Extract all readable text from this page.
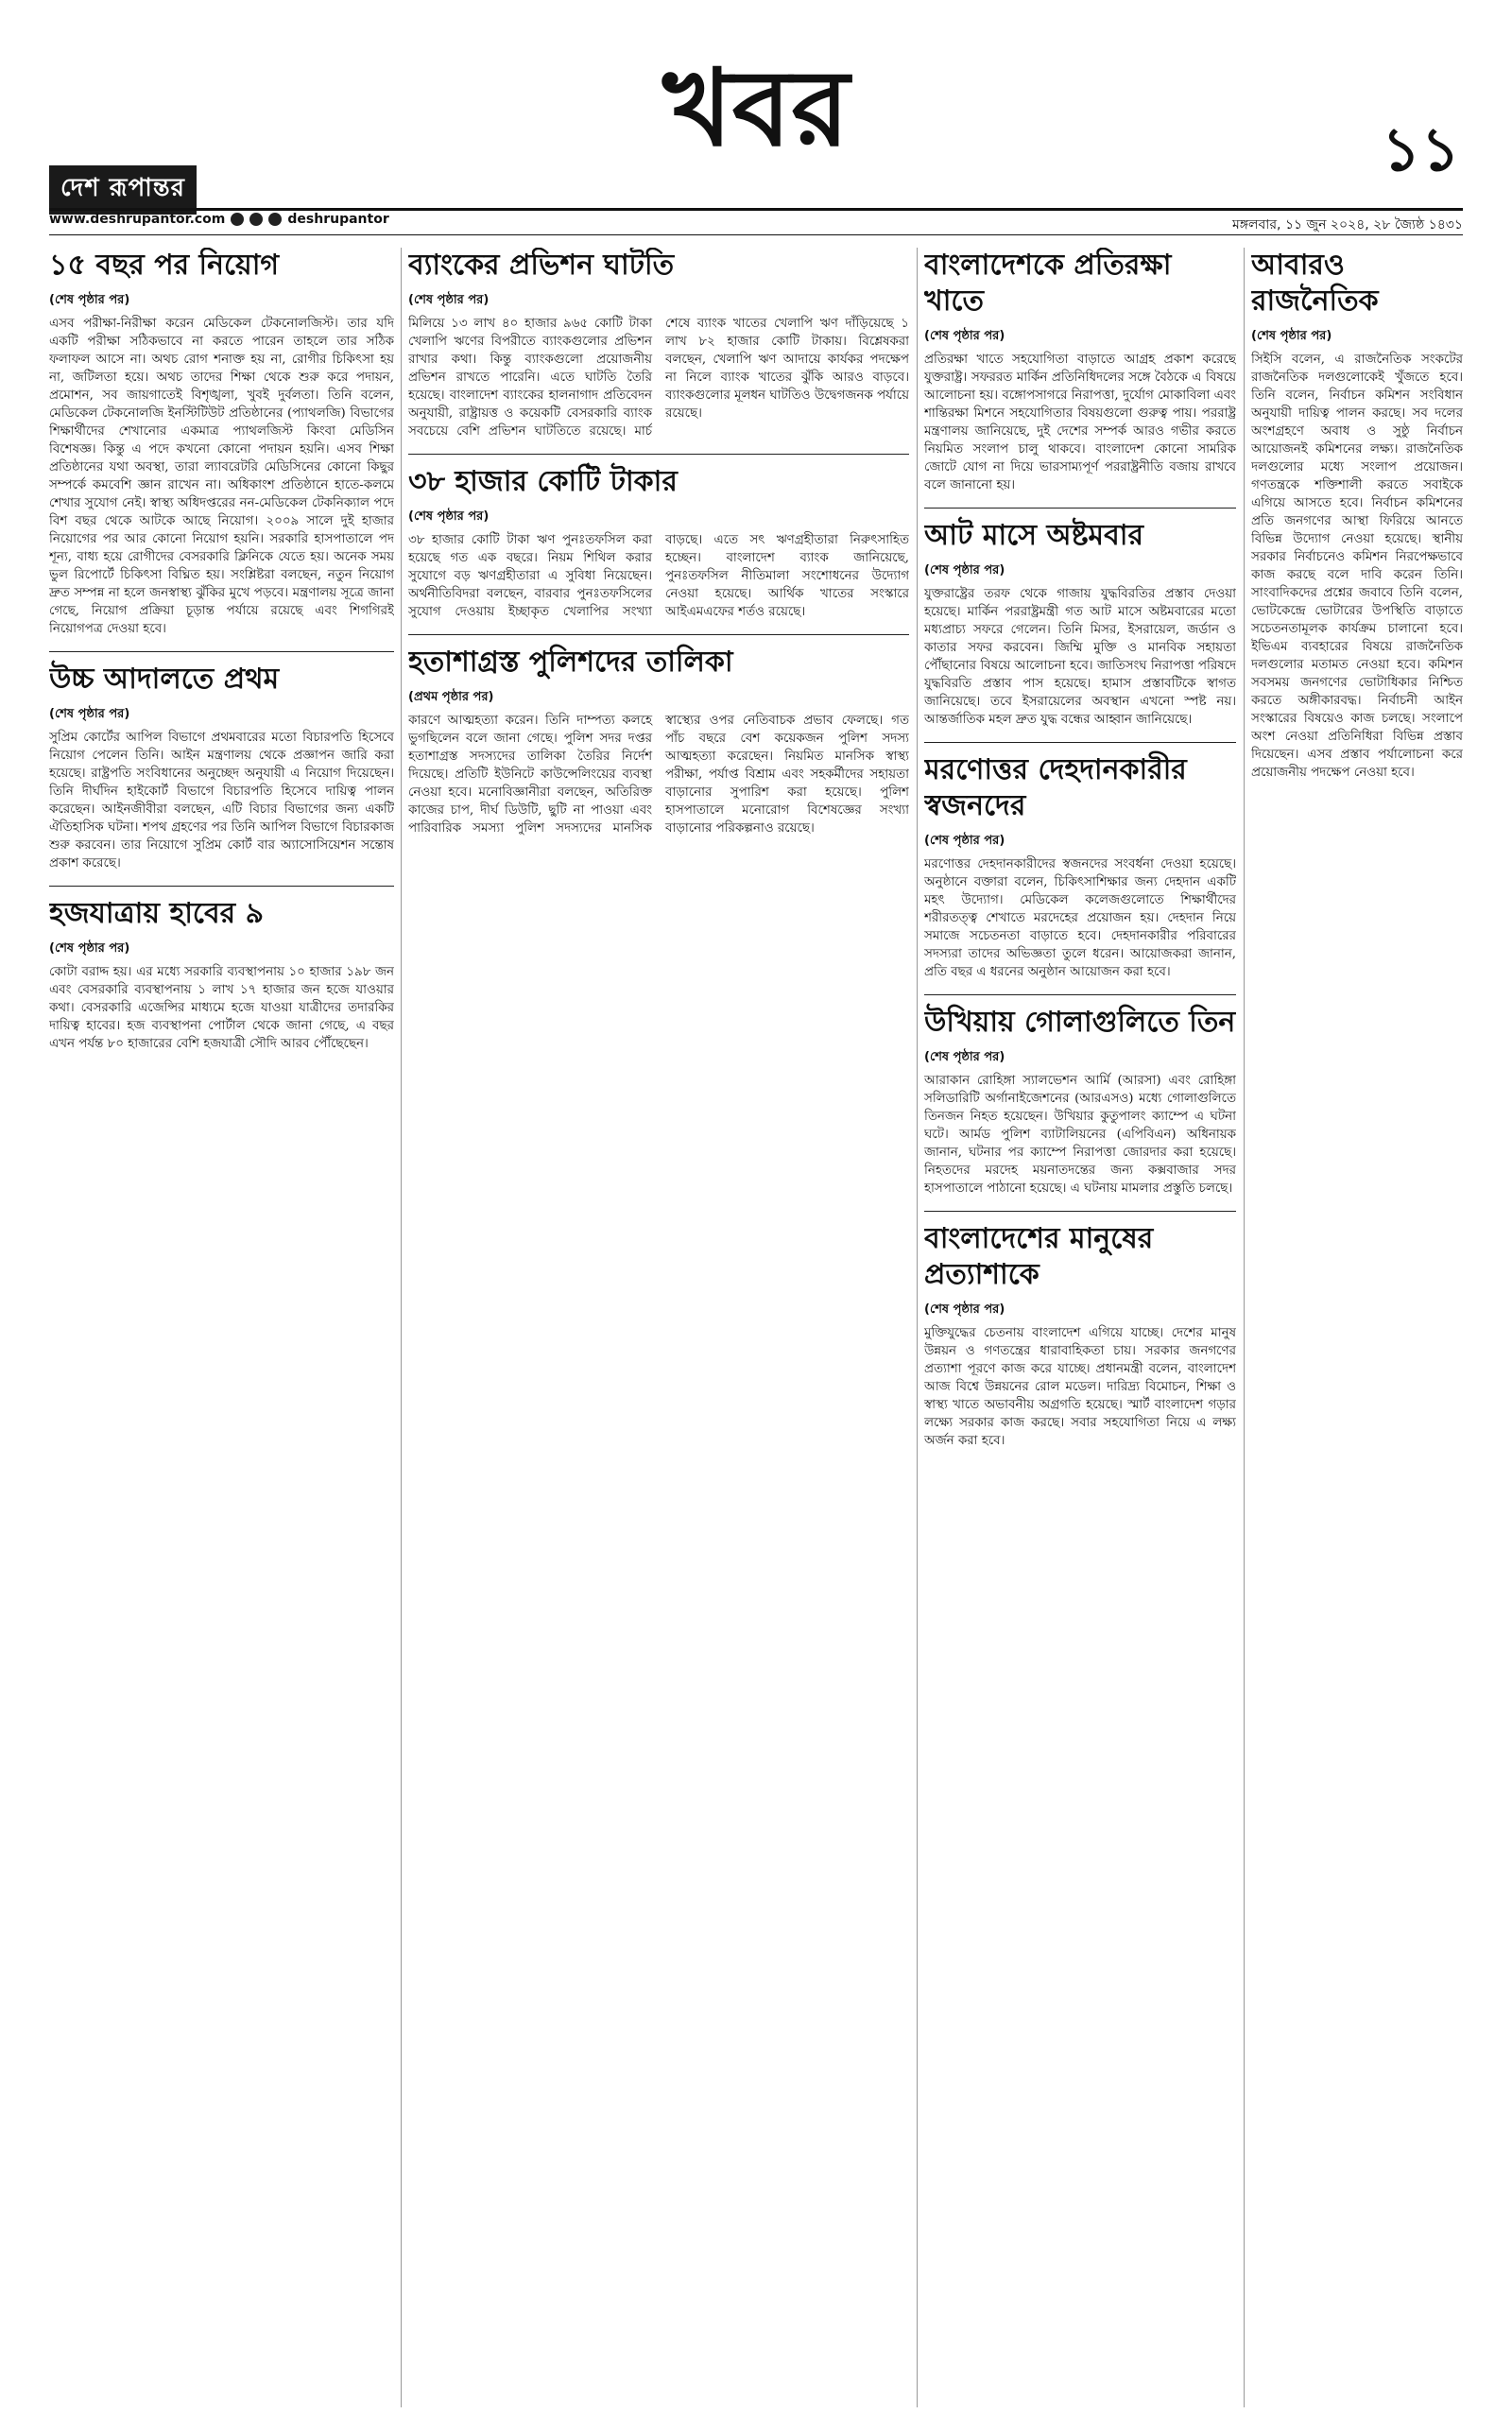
দেশ রূপান্তর
খবর	১১
www.deshrupantor.com	deshrupantor	মঙ্গলবার, ১১ জুন ২০২৪, ২৮ জ্যৈষ্ঠ ১৪৩১
১৫ বছর পর নিয়োগ
(শেষ পৃষ্ঠার পর)
এসব পরীক্ষা-নিরীক্ষা করেন মেডিকেল টেকনোলজিস্ট। তার যদি একটি পরীক্ষা সঠিকভাবে না করতে পারেন তাহলে তার সঠিক ফলাফল আসে না। অথচ রোগ শনাক্ত হয় না, রোগীর চিকিৎসা হয় না, জটিলতা হয়ে। অথচ তাদের শিক্ষা থেকে শুরু করে পদায়ন, প্রমোশন, সব জায়গাতেই বিশৃঙ্খলা, খুবই দুর্বলতা। তিনি বলেন, মেডিকেল টেকনোলজি ইনস্টিটিউট প্রতিষ্ঠানের (প্যাথলজি) বিভাগের শিক্ষার্থীদের শেখানোর একমাত্র প্যাথলজিস্ট কিংবা মেডিসিন বিশেষজ্ঞ। কিন্তু এ পদে কখনো কোনো পদায়ন হয়নি। এসব শিক্ষা প্রতিষ্ঠানের যথা অবস্থা, তারা ল্যাবরেটরি মেডিসিনের কোনো কিছুর সম্পর্কে কমবেশি জ্ঞান রাখেন না। অধিকাংশ প্রতিষ্ঠানে হাতে-কলমে শেখার সুযোগ নেই। স্বাস্থ্য অধিদপ্তরের নন-মেডিকেল টেকনিক্যাল পদে বিশ বছর থেকে আটকে আছে নিয়োগ। ২০০৯ সালে দুই হাজার নিয়োগের পর আর কোনো নিয়োগ হয়নি। সরকারি হাসপাতালে পদ শূন্য, বাধ্য হয়ে রোগীদের বেসরকারি ক্লিনিকে যেতে হয়। অনেক সময় ভুল রিপোর্টে চিকিৎসা বিঘ্নিত হয়। সংশ্লিষ্টরা বলছেন, নতুন নিয়োগ দ্রুত সম্পন্ন না হলে জনস্বাস্থ্য ঝুঁকির মুখে পড়বে। মন্ত্রণালয় সূত্রে জানা গেছে, নিয়োগ প্রক্রিয়া চূড়ান্ত পর্যায়ে রয়েছে এবং শিগগিরই নিয়োগপত্র দেওয়া হবে।
উচ্চ আদালতে প্রথম
(শেষ পৃষ্ঠার পর)
সুপ্রিম কোর্টের আপিল বিভাগে প্রথমবারের মতো বিচারপতি হিসেবে নিয়োগ পেলেন তিনি। আইন মন্ত্রণালয় থেকে প্রজ্ঞাপন জারি করা হয়েছে। রাষ্ট্রপতি সংবিধানের অনুচ্ছেদ অনুযায়ী এ নিয়োগ দিয়েছেন। তিনি দীর্ঘদিন হাইকোর্ট বিভাগে বিচারপতি হিসেবে দায়িত্ব পালন করেছেন। আইনজীবীরা বলছেন, এটি বিচার বিভাগের জন্য একটি ঐতিহাসিক ঘটনা। শপথ গ্রহণের পর তিনি আপিল বিভাগে বিচারকাজ শুরু করবেন। তার নিয়োগে সুপ্রিম কোর্ট বার অ্যাসোসিয়েশন সন্তোষ প্রকাশ করেছে।
হজযাত্রায় হাবের ৯
(শেষ পৃষ্ঠার পর)
কোটা বরাদ্দ হয়। এর মধ্যে সরকারি ব্যবস্থাপনায় ১০ হাজার ১৯৮ জন এবং বেসরকারি ব্যবস্থাপনায় ১ লাখ ১৭ হাজার জন হজে যাওয়ার কথা। বেসরকারি এজেন্সির মাধ্যমে হজে যাওয়া যাত্রীদের তদারকির দায়িত্ব হাবের। হজ ব্যবস্থাপনা পোর্টাল থেকে জানা গেছে, এ বছর এখন পর্যন্ত ৮০ হাজারের বেশি হজযাত্রী সৌদি আরব পৌঁছেছেন।
ব্যাংকের প্রভিশন ঘাটতি
(শেষ পৃষ্ঠার পর)
মিলিয়ে ১৩ লাখ ৪০ হাজার ৯৬৫ কোটি টাকা খেলাপি ঋণের বিপরীতে ব্যাংকগুলোর প্রভিশন রাখার কথা। কিন্তু ব্যাংকগুলো প্রয়োজনীয় প্রভিশন রাখতে পারেনি। এতে ঘাটতি তৈরি হয়েছে। বাংলাদেশ ব্যাংকের হালনাগাদ প্রতিবেদন অনুযায়ী, রাষ্ট্রায়ত্ত ও কয়েকটি বেসরকারি ব্যাংক সবচেয়ে বেশি প্রভিশন ঘাটতিতে রয়েছে। মার্চ শেষে ব্যাংক খাতের খেলাপি ঋণ দাঁড়িয়েছে ১ লাখ ৮২ হাজার কোটি টাকায়। বিশ্লেষকরা বলছেন, খেলাপি ঋণ আদায়ে কার্যকর পদক্ষেপ না নিলে ব্যাংক খাতের ঝুঁকি আরও বাড়বে। ব্যাংকগুলোর মূলধন ঘাটতিও উদ্বেগজনক পর্যায়ে রয়েছে।
৩৮ হাজার কোটি টাকার
(শেষ পৃষ্ঠার পর)
৩৮ হাজার কোটি টাকা ঋণ পুনঃতফসিল করা হয়েছে গত এক বছরে। নিয়ম শিথিল করার সুযোগে বড় ঋণগ্রহীতারা এ সুবিধা নিয়েছেন। অর্থনীতিবিদরা বলছেন, বারবার পুনঃতফসিলের সুযোগ দেওয়ায় ইচ্ছাকৃত খেলাপির সংখ্যা বাড়ছে। এতে সৎ ঋণগ্রহীতারা নিরুৎসাহিত হচ্ছেন। বাংলাদেশ ব্যাংক জানিয়েছে, পুনঃতফসিল নীতিমালা সংশোধনের উদ্যোগ নেওয়া হয়েছে। আর্থিক খাতের সংস্কারে আইএমএফের শর্তও রয়েছে।
হতাশাগ্রস্ত পুলিশদের তালিকা
(প্রথম পৃষ্ঠার পর)
কারণে আত্মহত্যা করেন। তিনি দাম্পত্য কলহে ভুগছিলেন বলে জানা গেছে। পুলিশ সদর দপ্তর হতাশাগ্রস্ত সদস্যদের তালিকা তৈরির নির্দেশ দিয়েছে। প্রতিটি ইউনিটে কাউন্সেলিংয়ের ব্যবস্থা নেওয়া হবে। মনোবিজ্ঞানীরা বলছেন, অতিরিক্ত কাজের চাপ, দীর্ঘ ডিউটি, ছুটি না পাওয়া এবং পারিবারিক সমস্যা পুলিশ সদস্যদের মানসিক স্বাস্থ্যের ওপর নেতিবাচক প্রভাব ফেলছে। গত পাঁচ বছরে বেশ কয়েকজন পুলিশ সদস্য আত্মহত্যা করেছেন। নিয়মিত মানসিক স্বাস্থ্য পরীক্ষা, পর্যাপ্ত বিশ্রাম এবং সহকর্মীদের সহায়তা বাড়ানোর সুপারিশ করা হয়েছে। পুলিশ হাসপাতালে মনোরোগ বিশেষজ্ঞের সংখ্যা বাড়ানোর পরিকল্পনাও রয়েছে।
বাংলাদেশকে প্রতিরক্ষা খাতে
(শেষ পৃষ্ঠার পর)
প্রতিরক্ষা খাতে সহযোগিতা বাড়াতে আগ্রহ প্রকাশ করেছে যুক্তরাষ্ট্র। সফররত মার্কিন প্রতিনিধিদলের সঙ্গে বৈঠকে এ বিষয়ে আলোচনা হয়। বঙ্গোপসাগরে নিরাপত্তা, দুর্যোগ মোকাবিলা এবং শান্তিরক্ষা মিশনে সহযোগিতার বিষয়গুলো গুরুত্ব পায়। পররাষ্ট্র মন্ত্রণালয় জানিয়েছে, দুই দেশের সম্পর্ক আরও গভীর করতে নিয়মিত সংলাপ চালু থাকবে। বাংলাদেশ কোনো সামরিক জোটে যোগ না দিয়ে ভারসাম্যপূর্ণ পররাষ্ট্রনীতি বজায় রাখবে বলে জানানো হয়।
আট মাসে অষ্টমবার
(শেষ পৃষ্ঠার পর)
যুক্তরাষ্ট্রের তরফ থেকে গাজায় যুদ্ধবিরতির প্রস্তাব দেওয়া হয়েছে। মার্কিন পররাষ্ট্রমন্ত্রী গত আট মাসে অষ্টমবারের মতো মধ্যপ্রাচ্য সফরে গেলেন। তিনি মিসর, ইসরায়েল, জর্ডান ও কাতার সফর করবেন। জিম্মি মুক্তি ও মানবিক সহায়তা পৌঁছানোর বিষয়ে আলোচনা হবে। জাতিসংঘ নিরাপত্তা পরিষদে যুদ্ধবিরতি প্রস্তাব পাস হয়েছে। হামাস প্রস্তাবটিকে স্বাগত জানিয়েছে। তবে ইসরায়েলের অবস্থান এখনো স্পষ্ট নয়। আন্তর্জাতিক মহল দ্রুত যুদ্ধ বন্ধের আহ্বান জানিয়েছে।
মরণোত্তর দেহদানকারীর স্বজনদের
(শেষ পৃষ্ঠার পর)
মরণোত্তর দেহদানকারীদের স্বজনদের সংবর্ধনা দেওয়া হয়েছে। অনুষ্ঠানে বক্তারা বলেন, চিকিৎসাশিক্ষার জন্য দেহদান একটি মহৎ উদ্যোগ। মেডিকেল কলেজগুলোতে শিক্ষার্থীদের শরীরতত্ত্ব শেখাতে মরদেহের প্রয়োজন হয়। দেহদান নিয়ে সমাজে সচেতনতা বাড়াতে হবে। দেহদানকারীর পরিবারের সদস্যরা তাদের অভিজ্ঞতা তুলে ধরেন। আয়োজকরা জানান, প্রতি বছর এ ধরনের অনুষ্ঠান আয়োজন করা হবে।
উখিয়ায় গোলাগুলিতে তিন
(শেষ পৃষ্ঠার পর)
আরাকান রোহিঙ্গা স্যালভেশন আর্মি (আরসা) এবং রোহিঙ্গা সলিডারিটি অর্গানাইজেশনের (আরএসও) মধ্যে গোলাগুলিতে তিনজন নিহত হয়েছেন। উখিয়ার কুতুপালং ক্যাম্পে এ ঘটনা ঘটে। আর্মড পুলিশ ব্যাটালিয়নের (এপিবিএন) অধিনায়ক জানান, ঘটনার পর ক্যাম্পে নিরাপত্তা জোরদার করা হয়েছে। নিহতদের মরদেহ ময়নাতদন্তের জন্য কক্সবাজার সদর হাসপাতালে পাঠানো হয়েছে। এ ঘটনায় মামলার প্রস্তুতি চলছে।
বাংলাদেশের মানুষের প্রত্যাশাকে
(শেষ পৃষ্ঠার পর)
মুক্তিযুদ্ধের চেতনায় বাংলাদেশ এগিয়ে যাচ্ছে। দেশের মানুষ উন্নয়ন ও গণতন্ত্রের ধারাবাহিকতা চায়। সরকার জনগণের প্রত্যাশা পূরণে কাজ করে যাচ্ছে। প্রধানমন্ত্রী বলেন, বাংলাদেশ আজ বিশ্বে উন্নয়নের রোল মডেল। দারিদ্র্য বিমোচন, শিক্ষা ও স্বাস্থ্য খাতে অভাবনীয় অগ্রগতি হয়েছে। স্মার্ট বাংলাদেশ গড়ার লক্ষ্যে সরকার কাজ করছে। সবার সহযোগিতা নিয়ে এ লক্ষ্য অর্জন করা হবে।
আবারও রাজনৈতিক
(শেষ পৃষ্ঠার পর)
সিইসি বলেন, এ রাজনৈতিক সংকটের রাজনৈতিক দলগুলোকেই খুঁজতে হবে। তিনি বলেন, নির্বাচন কমিশন সংবিধান অনুযায়ী দায়িত্ব পালন করছে। সব দলের অংশগ্রহণে অবাধ ও সুষ্ঠু নির্বাচন আয়োজনই কমিশনের লক্ষ্য। রাজনৈতিক দলগুলোর মধ্যে সংলাপ প্রয়োজন। গণতন্ত্রকে শক্তিশালী করতে সবাইকে এগিয়ে আসতে হবে। নির্বাচন কমিশনের প্রতি জনগণের আস্থা ফিরিয়ে আনতে বিভিন্ন উদ্যোগ নেওয়া হয়েছে। স্থানীয় সরকার নির্বাচনেও কমিশন নিরপেক্ষভাবে কাজ করছে বলে দাবি করেন তিনি। সাংবাদিকদের প্রশ্নের জবাবে তিনি বলেন, ভোটকেন্দ্রে ভোটারের উপস্থিতি বাড়াতে সচেতনতামূলক কার্যক্রম চালানো হবে। ইভিএম ব্যবহারের বিষয়ে রাজনৈতিক দলগুলোর মতামত নেওয়া হবে। কমিশন সবসময় জনগণের ভোটাধিকার নিশ্চিত করতে অঙ্গীকারবদ্ধ। নির্বাচনী আইন সংস্কারের বিষয়েও কাজ চলছে। সংলাপে অংশ নেওয়া প্রতিনিধিরা বিভিন্ন প্রস্তাব দিয়েছেন। এসব প্রস্তাব পর্যালোচনা করে প্রয়োজনীয় পদক্ষেপ নেওয়া হবে।
